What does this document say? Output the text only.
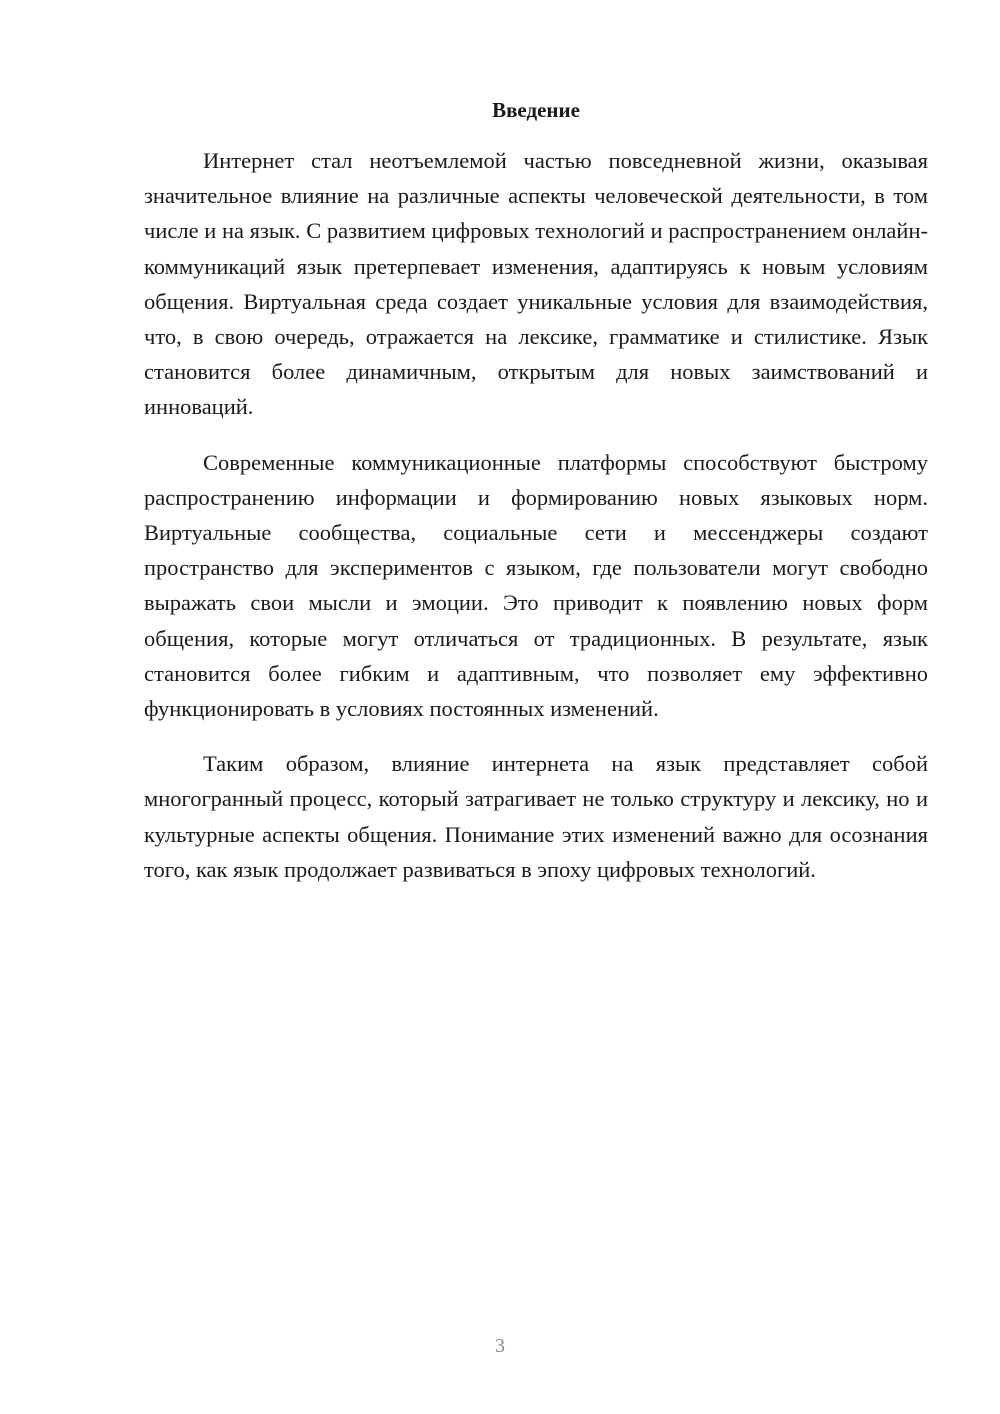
Введение

Интернет стал неотъемлемой частью повседневной жизни, оказывая значительное влияние на различные аспекты человеческой деятельности, в том числе и на язык. С развитием цифровых технологий и распространением онлайн-коммуникаций язык претерпевает изменения, адаптируясь к новым условиям общения. Виртуальная среда создает уникальные условия для взаимодействия, что, в свою очередь, отражается на лексике, грамматике и стилистике. Язык становится более динамичным, открытым для новых заимствований и инноваций.

Современные коммуникационные платформы способствуют быстрому распространению информации и формированию новых языковых норм. Виртуальные сообщества, социальные сети и мессенджеры создают пространство для экспериментов с языком, где пользователи могут свободно выражать свои мысли и эмоции. Это приводит к появлению новых форм общения, которые могут отличаться от традиционных. В результате, язык становится более гибким и адаптивным, что позволяет ему эффективно функционировать в условиях постоянных изменений.

Таким образом, влияние интернета на язык представляет собой многогранный процесс, который затрагивает не только структуру и лексику, но и культурные аспекты общения. Понимание этих изменений важно для осознания того, как язык продолжает развиваться в эпоху цифровых технологий.

3
